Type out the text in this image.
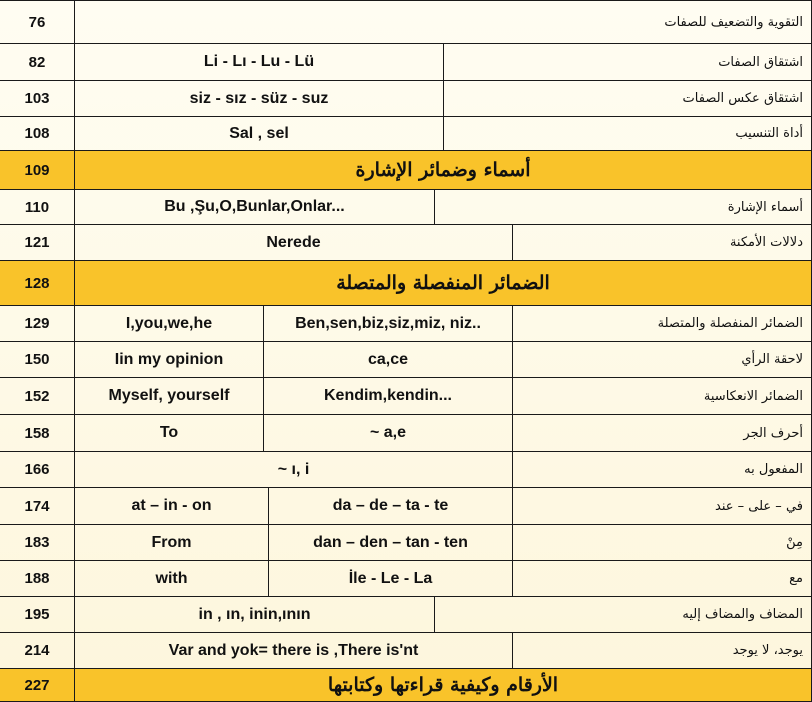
76	التقوية والتضعيف للصفات
82	Li - Lı - Lu - Lü	اشتقاق الصفات
103	siz - sız - süz - suz	اشتقاق عكس الصفات
108	Sal , sel	أداة التنسيب
109	أسماء وضمائر الإشارة
110	Bu ,Şu,O,Bunlar,Onlar...	أسماء الإشارة
121	Nerede	دلالات الأمكنة
128	الضمائر المنفصلة والمتصلة
129	I,you,we,he	Ben,sen,biz,siz,miz, niz..	الضمائر المنفصلة والمتصلة
150	Iin my opinion	ca,ce	لاحقة الرأي
152	Myself, yourself	Kendim,kendin...	الضمائر الانعكاسية
158	To	~ a,e	أحرف الجر
166	~ ı, i	المفعول به
174	at – in - on	da – de – ta - te	في – على – عند
183	From	dan – den – tan - ten	مِنْ
188	with	İle - Le - La	مع
195	in , ın, inin,ının	المضاف والمضاف إليه
214	Var and yok= there is ,There is'nt	يوجد، لا يوجد
227	الأرقام وكيفية قراءتها وكتابتها
